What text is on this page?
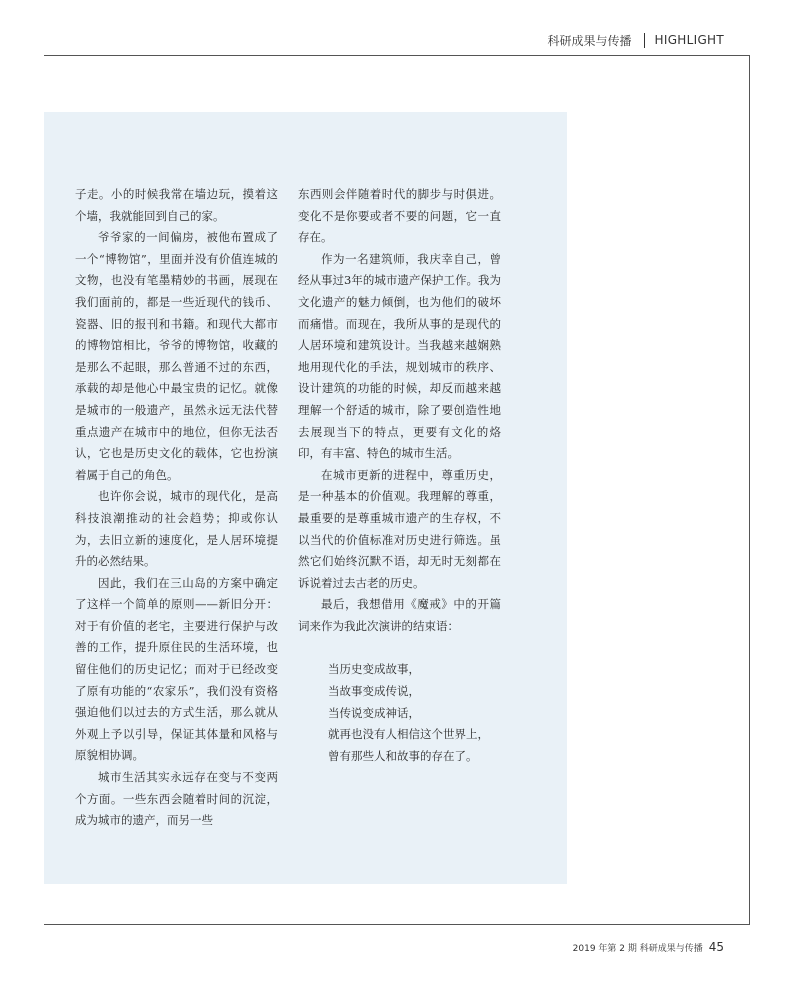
科研成果与传播 HIGHLIGHT

子走。小的时候我常在墙边玩，摸着这个墙，我就能回到自己的家。

爷爷家的一间偏房，被他布置成了一个“博物馆”，里面并没有价值连城的文物，也没有笔墨精妙的书画，展现在我们面前的，都是一些近现代的钱币、瓷器、旧的报刊和书籍。和现代大都市的博物馆相比，爷爷的博物馆，收藏的是那么不起眼，那么普通不过的东西，承载的却是他心中最宝贵的记忆。就像是城市的一般遗产，虽然永远无法代替重点遗产在城市中的地位，但你无法否认，它也是历史文化的载体，它也扮演着属于自己的角色。

也许你会说，城市的现代化，是高科技浪潮推动的社会趋势；抑或你认为，去旧立新的速度化，是人居环境提升的必然结果。

因此，我们在三山岛的方案中确定了这样一个简单的原则——新旧分开：对于有价值的老宅，主要进行保护与改善的工作，提升原住民的生活环境，也留住他们的历史记忆；而对于已经改变了原有功能的“农家乐”，我们没有资格强迫他们以过去的方式生活，那么就从外观上予以引导，保证其体量和风格与原貌相协调。

城市生活其实永远存在变与不变两个方面。一些东西会随着时间的沉淀，成为城市的遗产，而另一些

东西则会伴随着时代的脚步与时俱进。变化不是你要或者不要的问题，它一直存在。

作为一名建筑师，我庆幸自己，曾经从事过3年的城市遗产保护工作。我为文化遗产的魅力倾倒，也为他们的破坏而痛惜。而现在，我所从事的是现代的人居环境和建筑设计。当我越来越娴熟地用现代化的手法，规划城市的秩序、设计建筑的功能的时候，却反而越来越理解一个舒适的城市，除了要创造性地去展现当下的特点，更要有文化的烙印，有丰富、特色的城市生活。

在城市更新的进程中，尊重历史，是一种基本的价值观。我理解的尊重，最重要的是尊重城市遗产的生存权，不以当代的价值标准对历史进行筛选。虽然它们始终沉默不语，却无时无刻都在诉说着过去古老的历史。

最后，我想借用《魔戒》中的开篇词来作为我此次演讲的结束语：

当历史变成故事，
当故事变成传说，
当传说变成神话，
就再也没有人相信这个世界上，
曾有那些人和故事的存在了。
2019 年第 2 期 科研成果与传播 45
